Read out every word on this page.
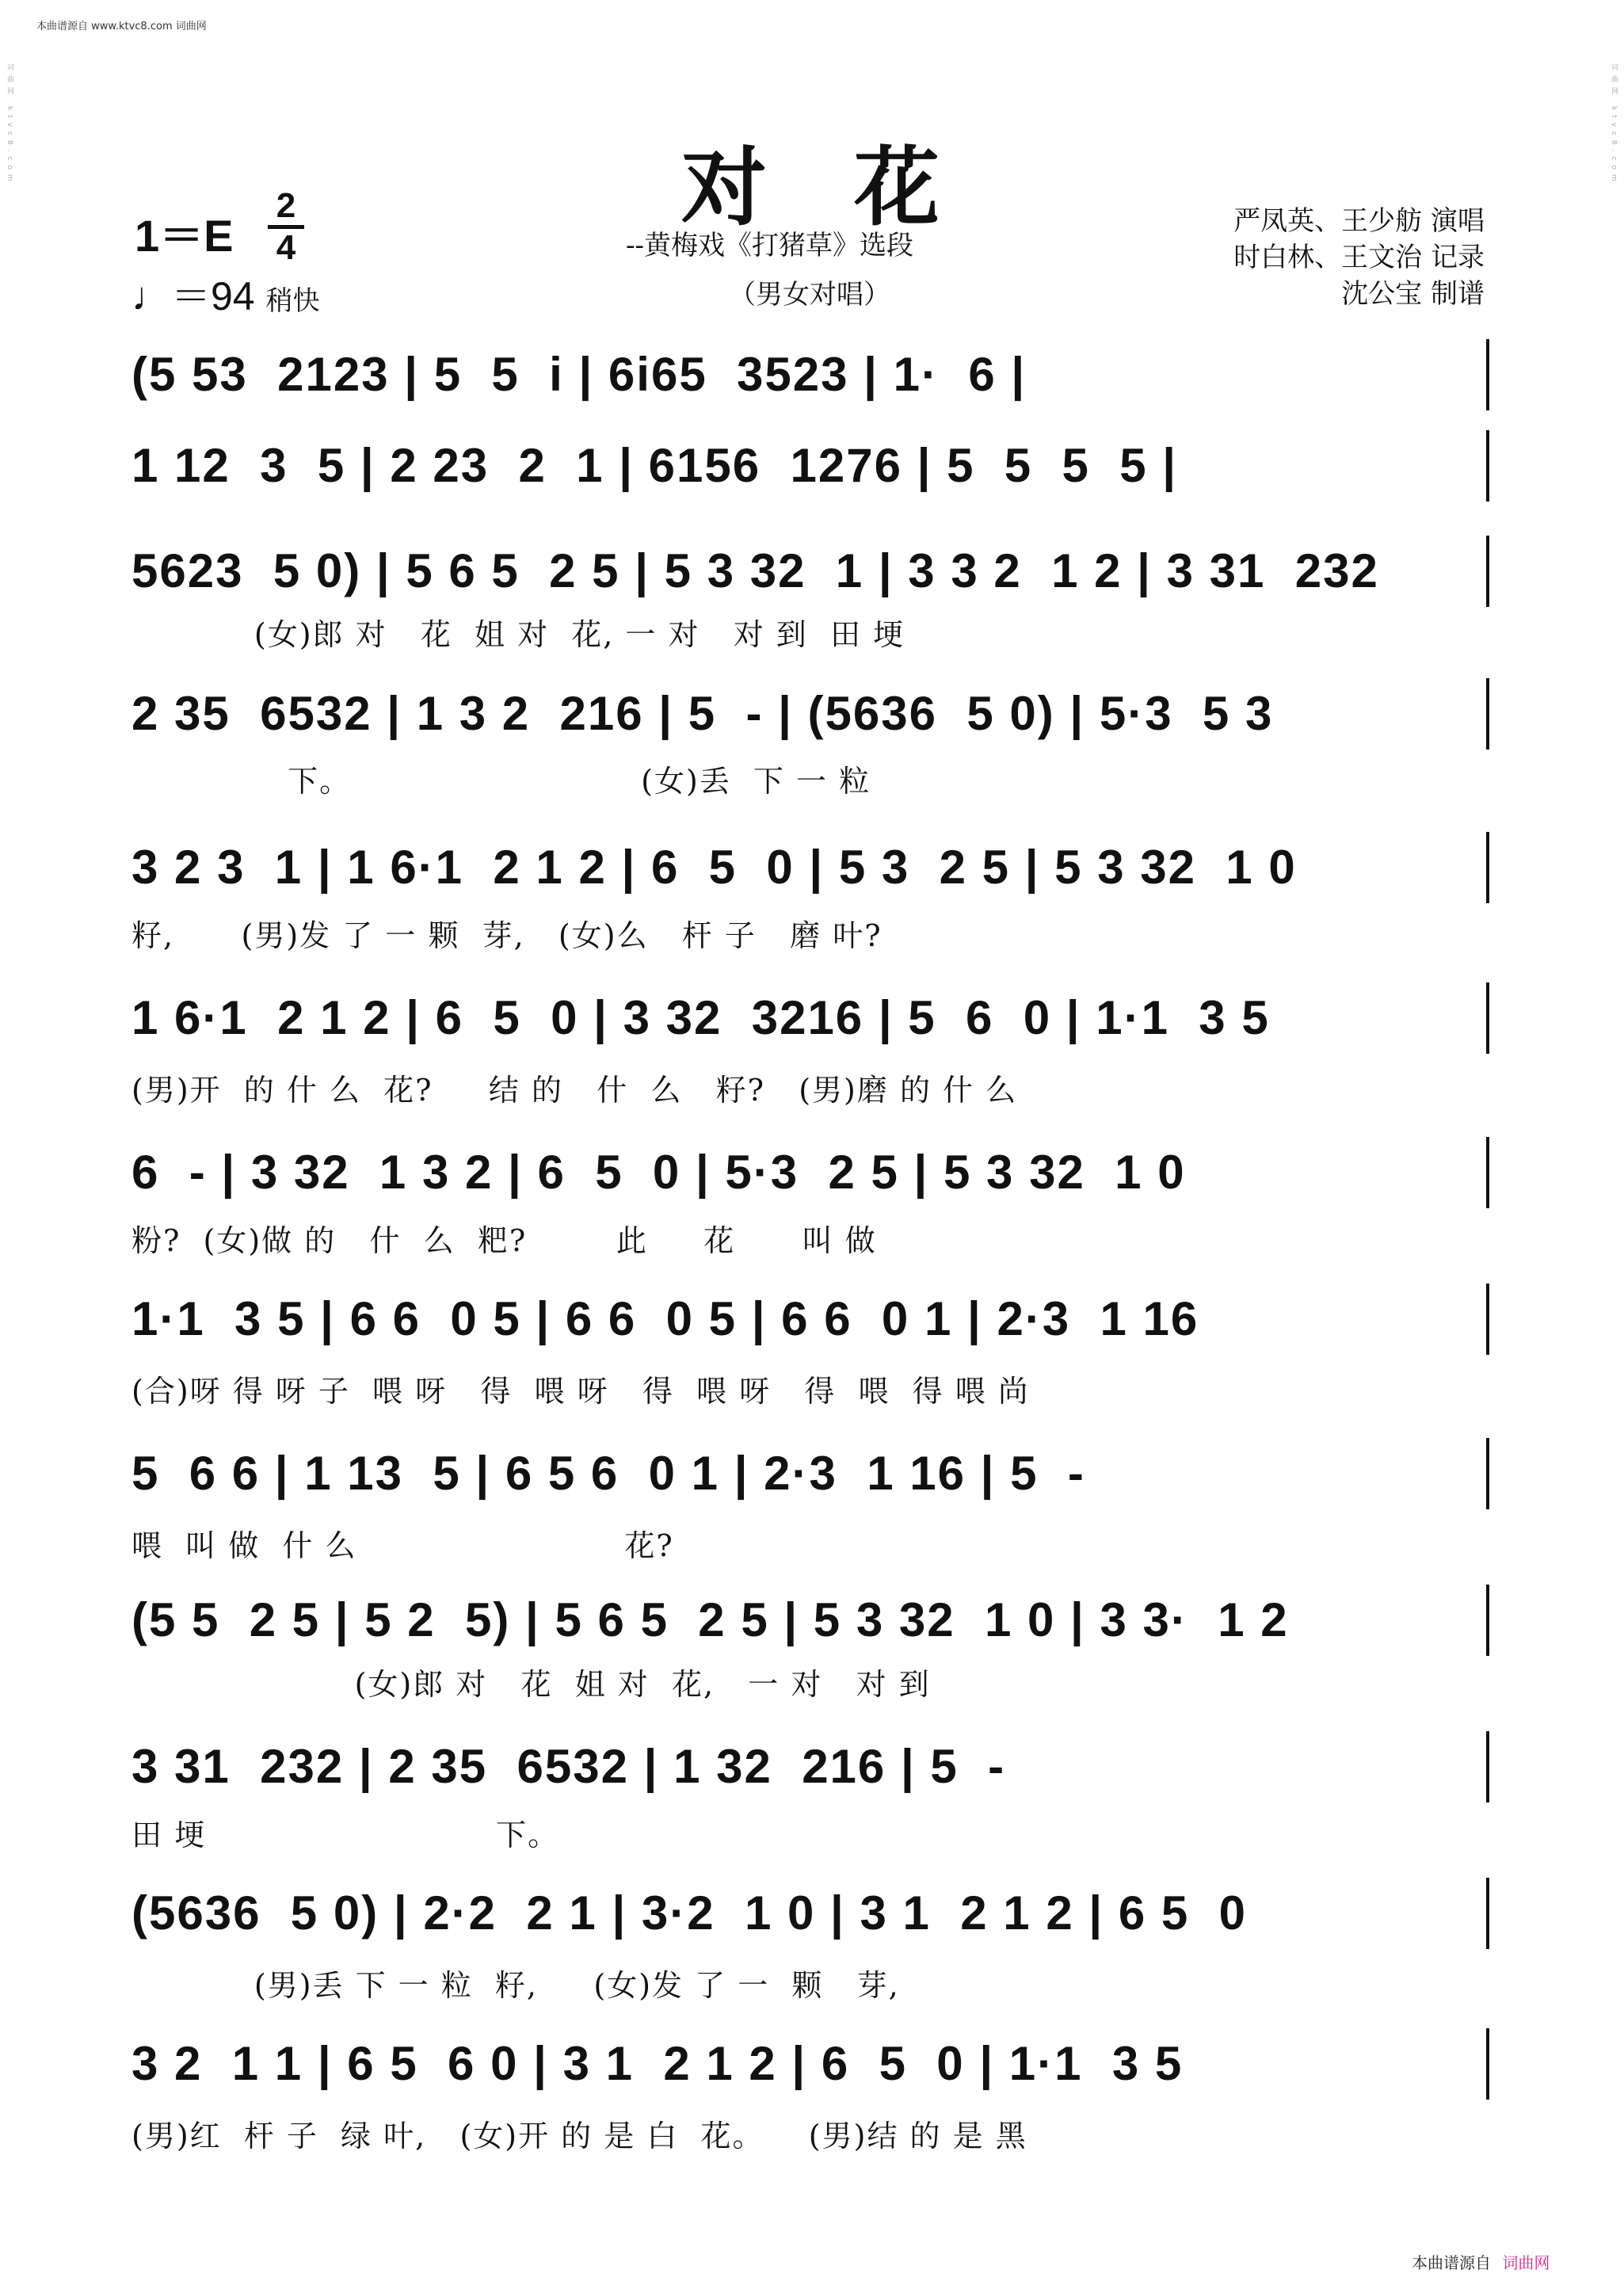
本曲谱源自 www.ktvc8.com 词曲网
词曲网 ktvc8.com	词曲网 ktvc8.com
对花
1＝E
2
4
♩＝94 稍快
--黄梅戏《打猪草》选段
（男女对唱）
严凤英、王少舫 演唱
时白林、王文治 记录
沈公宝 制谱
(5 53  2123 | 5  5  i | 6i65  3523 | 1·  6 |
1 12  3  5 | 2 23  2  1 | 6156  1276 | 5  5  5  5 |
5623  5 0) | 5 6 5  2 5 | 5 3 32  1 | 3 3 2  1 2 | 3 31  232
(女)郎 对   花  姐 对  花, 一 对   对 到  田 埂
2 35  6532 | 1 3 2  216 | 5  - | (5636  5 0) | 5·3  5 3
下。                          (女)丢  下 一 粒
3 2 3  1 | 1 6·1  2 1 2 | 6  5  0 | 5 3  2 5 | 5 3 32  1 0
籽,      (男)发 了 一 颗  芽,   (女)么   杆 子   磨 叶?
1 6·1  2 1 2 | 6  5  0 | 3 32  3216 | 5  6  0 | 1·1  3 5
(男)开  的 什 么  花?     结 的   什  么   籽?   (男)磨 的 什 么
6  - | 3 32  1 3 2 | 6  5  0 | 5·3  2 5 | 5 3 32  1 0
粉?  (女)做 的   什  么  粑?        此     花      叫 做
1·1  3 5 | 6 6  0 5 | 6 6  0 5 | 6 6  0 1 | 2·3  1 16
(合)呀 得 呀 子  喂 呀   得  喂 呀   得  喂 呀   得  喂  得 喂 尚
5  6 6 | 1 13  5 | 6 5 6  0 1 | 2·3  1 16 | 5  -
喂  叫 做  什 么                        花?
(5 5  2 5 | 5 2  5) | 5 6 5  2 5 | 5 3 32  1 0 | 3 3·  1 2
(女)郎 对   花  姐 对  花,   一 对   对 到
3 31  232 | 2 35  6532 | 1 32  216 | 5  -
田 埂                          下。
(5636  5 0) | 2·2  2 1 | 3·2  1 0 | 3 1  2 1 2 | 6 5  0
(男)丢 下 一 粒  籽,     (女)发 了 一  颗   芽,
3 2  1 1 | 6 5  6 0 | 3 1  2 1 2 | 6  5  0 | 1·1  3 5
(男)红  杆 子  绿 叶,   (女)开 的 是 白  花。    (男)结 的 是 黑
本曲谱源自 词曲网
